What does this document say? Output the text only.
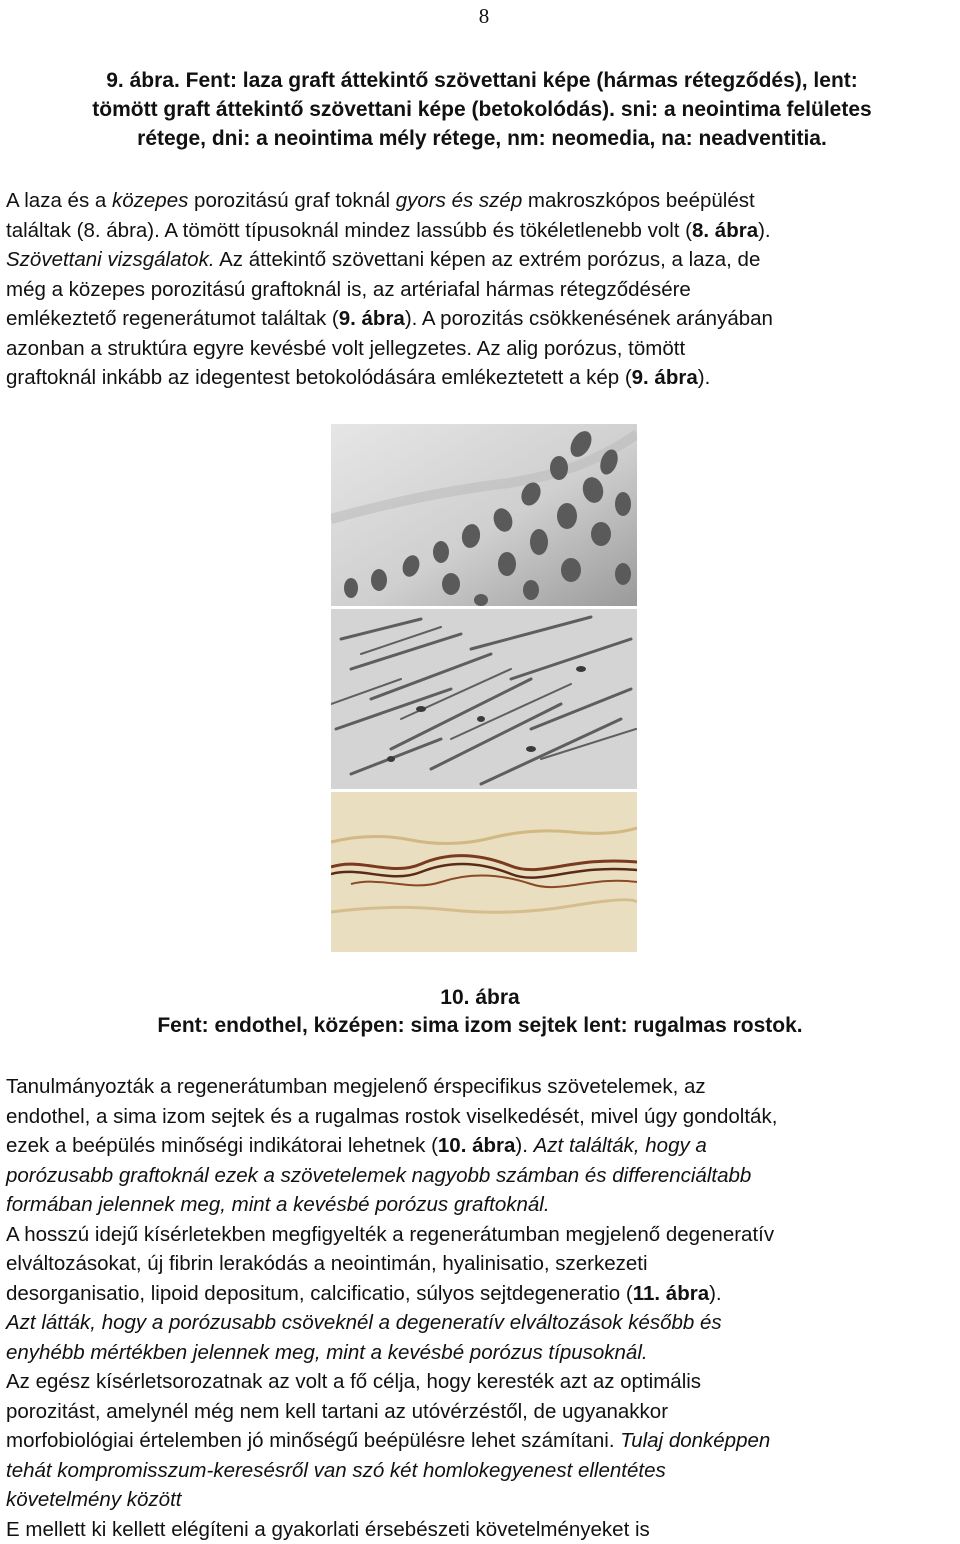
8
9. ábra. Fent: laza graft áttekintő szövettani képe (hármas rétegződés), lent:
tömött graft áttekintő szövettani képe (betokolódás). sni: a neointima felületes
rétege, dni: a neointima mély rétege, nm: neomedia, na: neadventitia.
A laza és a közepes porozitású graf toknál gyors és szép makroszkópos beépülést
találtak (8. ábra). A tömött típusoknál mindez lassúbb és tökéletlenebb volt (8. ábra).
Szövettani vizsgálatok. Az áttekintő szövettani képen az extrém porózus, a laza, de
még a közepes porozitású graftoknál is, az artériafal hármas rétegződésére
emlékeztető regenerátumot találtak (9. ábra). A porozitás csökkenésének arányában
azonban a struktúra egyre kevésbé volt jellegzetes. Az alig porózus, tömött
graftoknál inkább az idegentest betokolódására emlékeztetett a kép (9. ábra).
10. ábra
Fent: endothel, középen: sima izom sejtek lent: rugalmas rostok.
Tanulmányozták a regenerátumban megjelenő érspecifikus szövetelemek, az
endothel, a sima izom sejtek és a rugalmas rostok viselkedését, mivel úgy gondolták,
ezek a beépülés minőségi indikátorai lehetnek (10. ábra). Azt találták, hogy a
porózusabb graftoknál ezek a szövetelemek nagyobb számban és differenciáltabb
formában jelennek meg, mint a kevésbé porózus graftoknál.
A hosszú idejű kísérletekben megfigyelték a regenerátumban megjelenő degeneratív
elváltozásokat, új fibrin lerakódás a neointimán, hyalinisatio, szerkezeti
desorganisatio, lipoid depositum, calcificatio, súlyos sejtdegeneratio (11. ábra).
Azt látták, hogy a porózusabb csöveknél a degeneratív elváltozások később és
enyhébb mértékben jelennek meg, mint a kevésbé porózus típusoknál.
Az egész kísérletsorozatnak az volt a fő célja, hogy keresték azt az optimális
porozitást, amelynél még nem kell tartani az utóvérzéstől, de ugyanakkor
morfobiológiai értelemben jó minőségű beépülésre lehet számítani. Tulaj donképpen
tehát kompromisszum-keresésről van szó két homlokegyenest ellentétes
követelmény között
E mellett ki kellett elégíteni a gyakorlati érsebészeti követelményeket is
